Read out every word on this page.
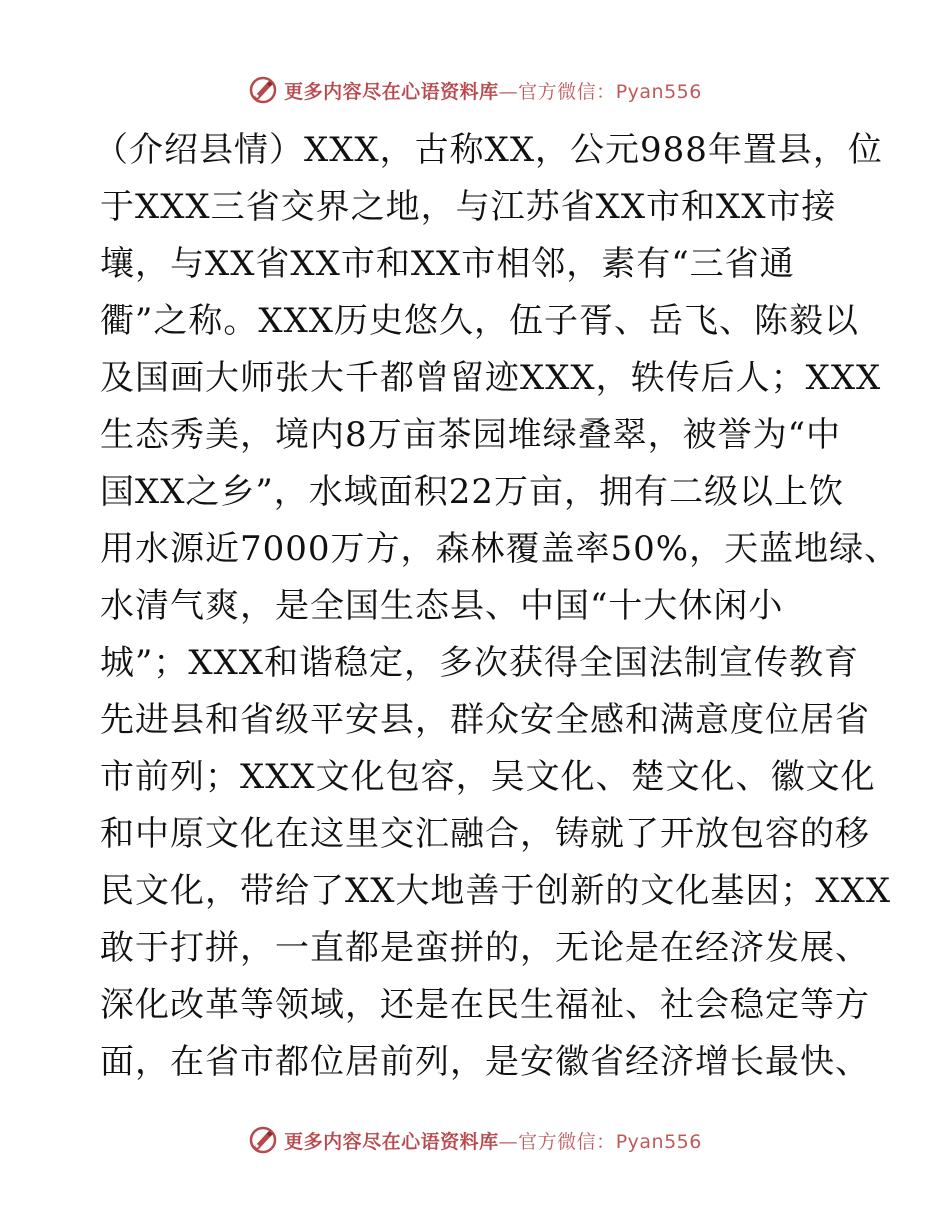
更多内容尽在心语资料库—官方微信：Pyan556
（介绍县情）XXX，古称XX，公元988年置县，位
于XXX三省交界之地，与江苏省XX市和XX市接
壤，与XX省XX市和XX市相邻，素有“三省通
衢”之称。XXX历史悠久，伍子胥、岳飞、陈毅以
及国画大师张大千都曾留迹XXX，轶传后人；XXX
生态秀美，境内8万亩茶园堆绿叠翠，被誉为“中
国XX之乡”，水域面积22万亩，拥有二级以上饮
用水源近7000万方，森林覆盖率50%，天蓝地绿、
水清气爽，是全国生态县、中国“十大休闲小
城”；XXX和谐稳定，多次获得全国法制宣传教育
先进县和省级平安县，群众安全感和满意度位居省
市前列；XXX文化包容，吴文化、楚文化、徽文化
和中原文化在这里交汇融合，铸就了开放包容的移
民文化，带给了XX大地善于创新的文化基因；XXX
敢于打拼，一直都是蛮拼的，无论是在经济发展、
深化改革等领域，还是在民生福祉、社会稳定等方
面，在省市都位居前列，是安徽省经济增长最快、
更多内容尽在心语资料库—官方微信：Pyan556
